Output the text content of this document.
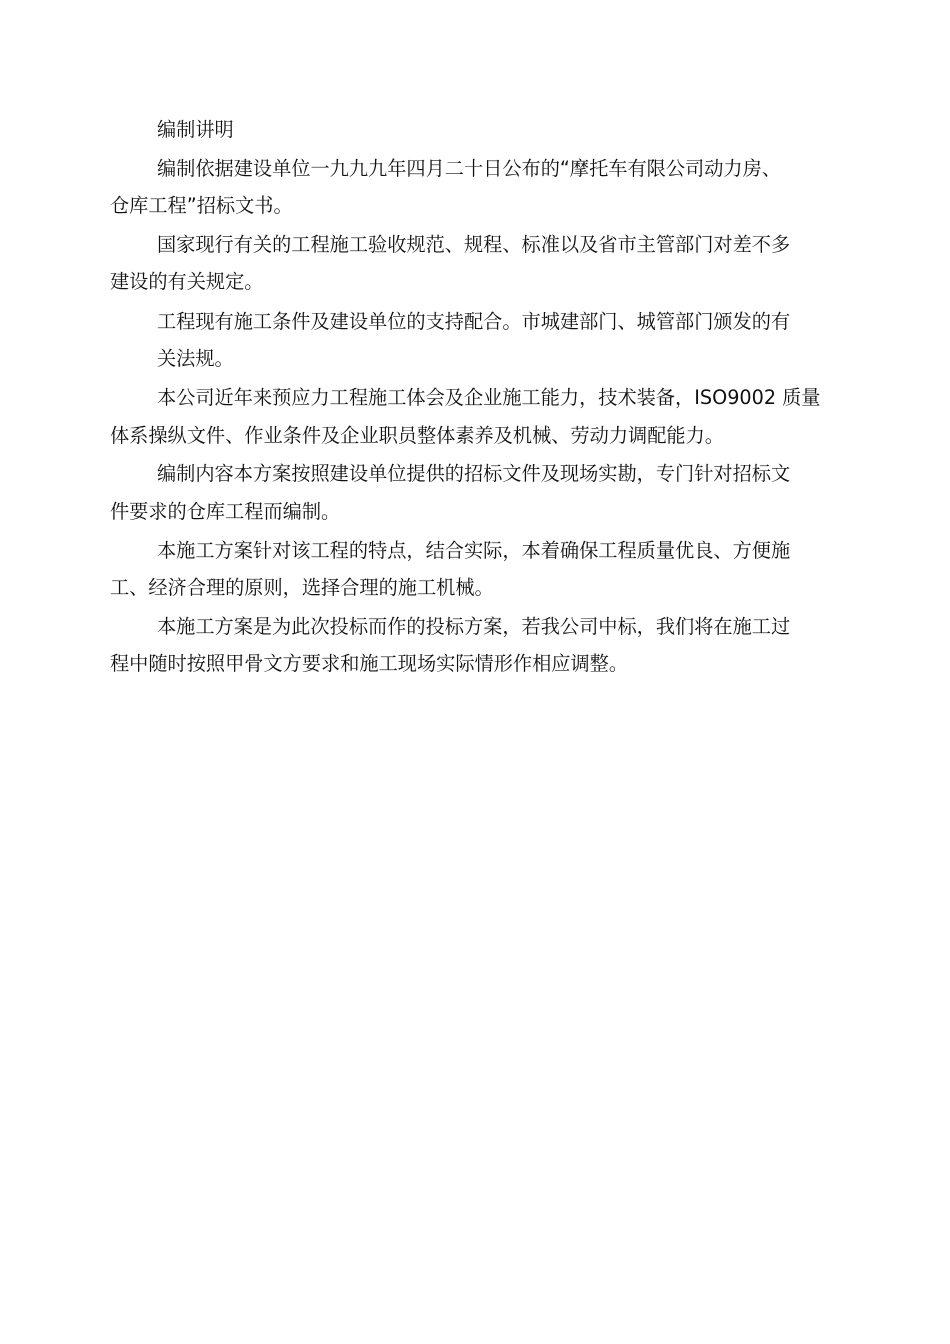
编制讲明
编制依据建设单位一九九九年四月二十日公布的“摩托车有限公司动力房、
仓库工程”招标文书。
国家现行有关的工程施工验收规范、规程、标准以及省市主管部门对差不多
建设的有关规定。
工程现有施工条件及建设单位的支持配合。市城建部门、城管部门颁发的有
关法规。
本公司近年来预应力工程施工体会及企业施工能力，技术装备，ISO9002 质量
体系操纵文件、作业条件及企业职员整体素养及机械、劳动力调配能力。
编制内容本方案按照建设单位提供的招标文件及现场实勘，专门针对招标文
件要求的仓库工程而编制。
本施工方案针对该工程的特点，结合实际，本着确保工程质量优良、方便施
工、经济合理的原则，选择合理的施工机械。
本施工方案是为此次投标而作的投标方案，若我公司中标，我们将在施工过
程中随时按照甲骨文方要求和施工现场实际情形作相应调整。
